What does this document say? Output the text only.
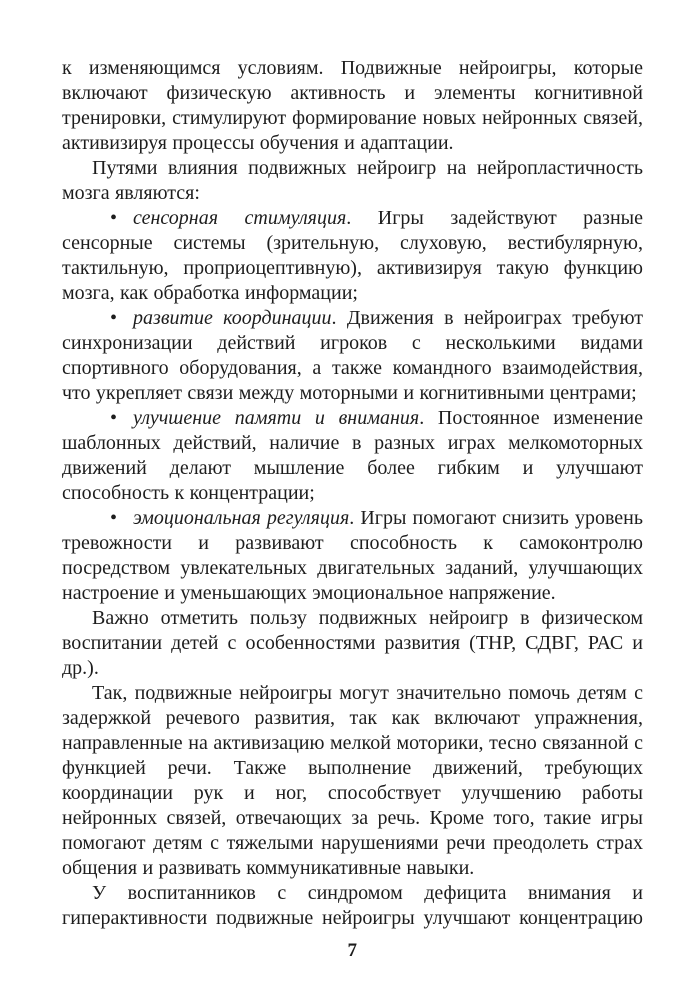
к изменяющимся условиям. Подвижные нейроигры, которые включают физическую активность и элементы когнитивной тренировки, стимулируют формирование новых нейронных связей, активизируя процессы обучения и адаптации.

Путями влияния подвижных нейроигр на нейропластичность мозга являются:

• сенсорная стимуляция. Игры задействуют разные сенсорные системы (зрительную, слуховую, вестибулярную, тактильную, проприоцептивную), активизируя такую функцию мозга, как обработка информации;

• развитие координации. Движения в нейроиграх требуют синхронизации действий игроков с несколькими видами спортивного оборудования, а также командного взаимодействия, что укрепляет связи между моторными и когнитивными центрами;

• улучшение памяти и внимания. Постоянное изменение шаблонных действий, наличие в разных играх мелкомоторных движений делают мышление более гибким и улучшают способность к концентрации;

• эмоциональная регуляция. Игры помогают снизить уровень тревожности и развивают способность к самоконтролю посредством увлекательных двигательных заданий, улучшающих настроение и уменьшающих эмоциональное напряжение.

Важно отметить пользу подвижных нейроигр в физическом воспитании детей с особенностями развития (ТНР, СДВГ, РАС и др.).

Так, подвижные нейроигры могут значительно помочь детям с задержкой речевого развития, так как включают упражнения, направленные на активизацию мелкой моторики, тесно связанной с функцией речи. Также выполнение движений, требующих координации рук и ног, способствует улучшению работы нейронных связей, отвечающих за речь. Кроме того, такие игры помогают детям с тяжелыми нарушениями речи преодолеть страх общения и развивать коммуникативные навыки.

У воспитанников с синдромом дефицита внимания и гиперактивности подвижные нейроигры улучшают концентрацию

7
